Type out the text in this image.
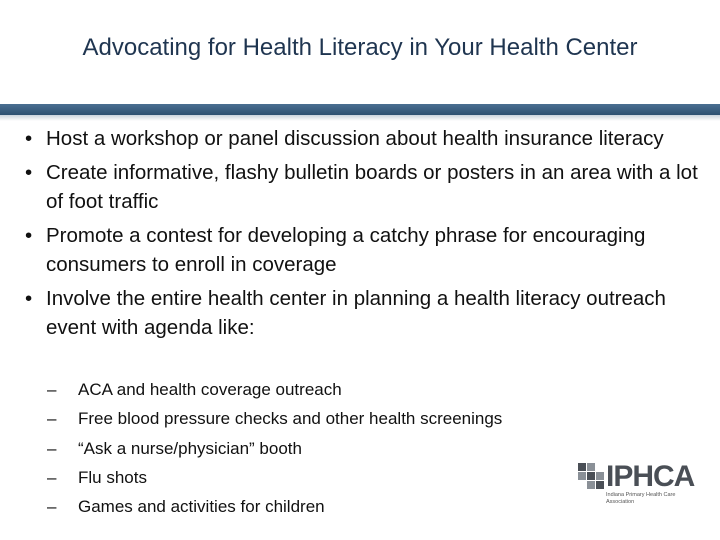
Advocating for Health Literacy in Your Health Center
• Host a workshop or panel discussion about health insurance literacy
• Create informative, flashy bulletin boards or posters in an area with a lot of foot traffic
• Promote a contest for developing a catchy phrase for encouraging consumers to enroll in coverage
• Involve the entire health center in planning a health literacy outreach event with agenda like:
– ACA and health coverage outreach
– Free blood pressure checks and other health screenings
– “Ask a nurse/physician” booth
– Flu shots
– Games and activities for children
IPHCA
Indiana Primary Health Care Association
